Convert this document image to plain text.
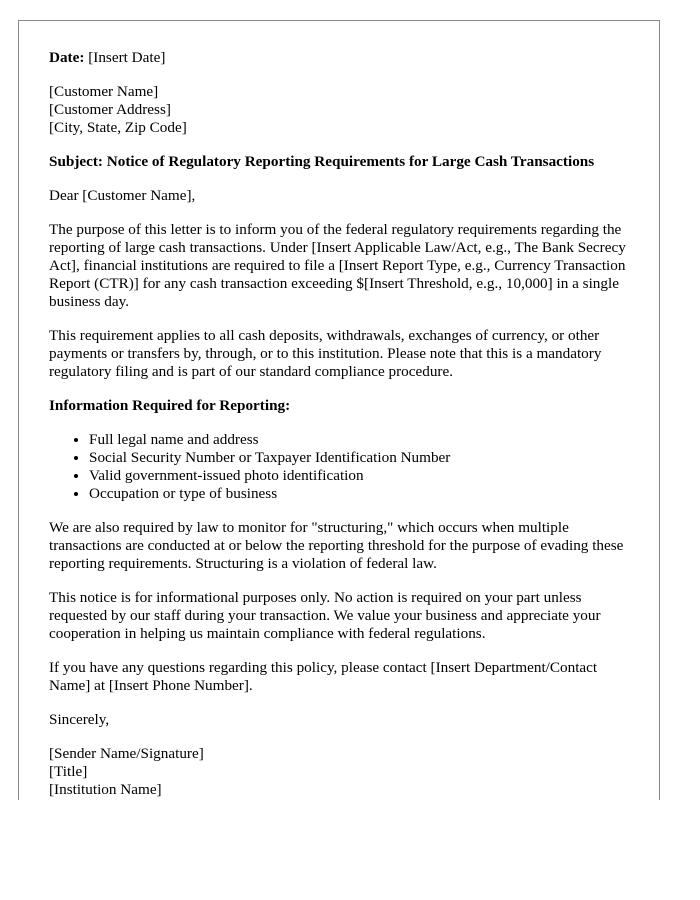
Date: [Insert Date]

[Customer Name]
[Customer Address]
[City, State, Zip Code]

Subject: Notice of Regulatory Reporting Requirements for Large Cash Transactions

Dear [Customer Name],

The purpose of this letter is to inform you of the federal regulatory requirements regarding the reporting of large cash transactions. Under [Insert Applicable Law/Act, e.g., The Bank Secrecy Act], financial institutions are required to file a [Insert Report Type, e.g., Currency Transaction Report (CTR)] for any cash transaction exceeding $[Insert Threshold, e.g., 10,000] in a single business day.

This requirement applies to all cash deposits, withdrawals, exchanges of currency, or other payments or transfers by, through, or to this institution. Please note that this is a mandatory regulatory filing and is part of our standard compliance procedure.

Information Required for Reporting:
• Full legal name and address
• Social Security Number or Taxpayer Identification Number
• Valid government-issued photo identification
• Occupation or type of business

We are also required by law to monitor for "structuring," which occurs when multiple transactions are conducted at or below the reporting threshold for the purpose of evading these reporting requirements. Structuring is a violation of federal law.

This notice is for informational purposes only. No action is required on your part unless requested by our staff during your transaction. We value your business and appreciate your cooperation in helping us maintain compliance with federal regulations.

If you have any questions regarding this policy, please contact [Insert Department/Contact Name] at [Insert Phone Number].

Sincerely,

[Sender Name/Signature]
[Title]
[Institution Name]
